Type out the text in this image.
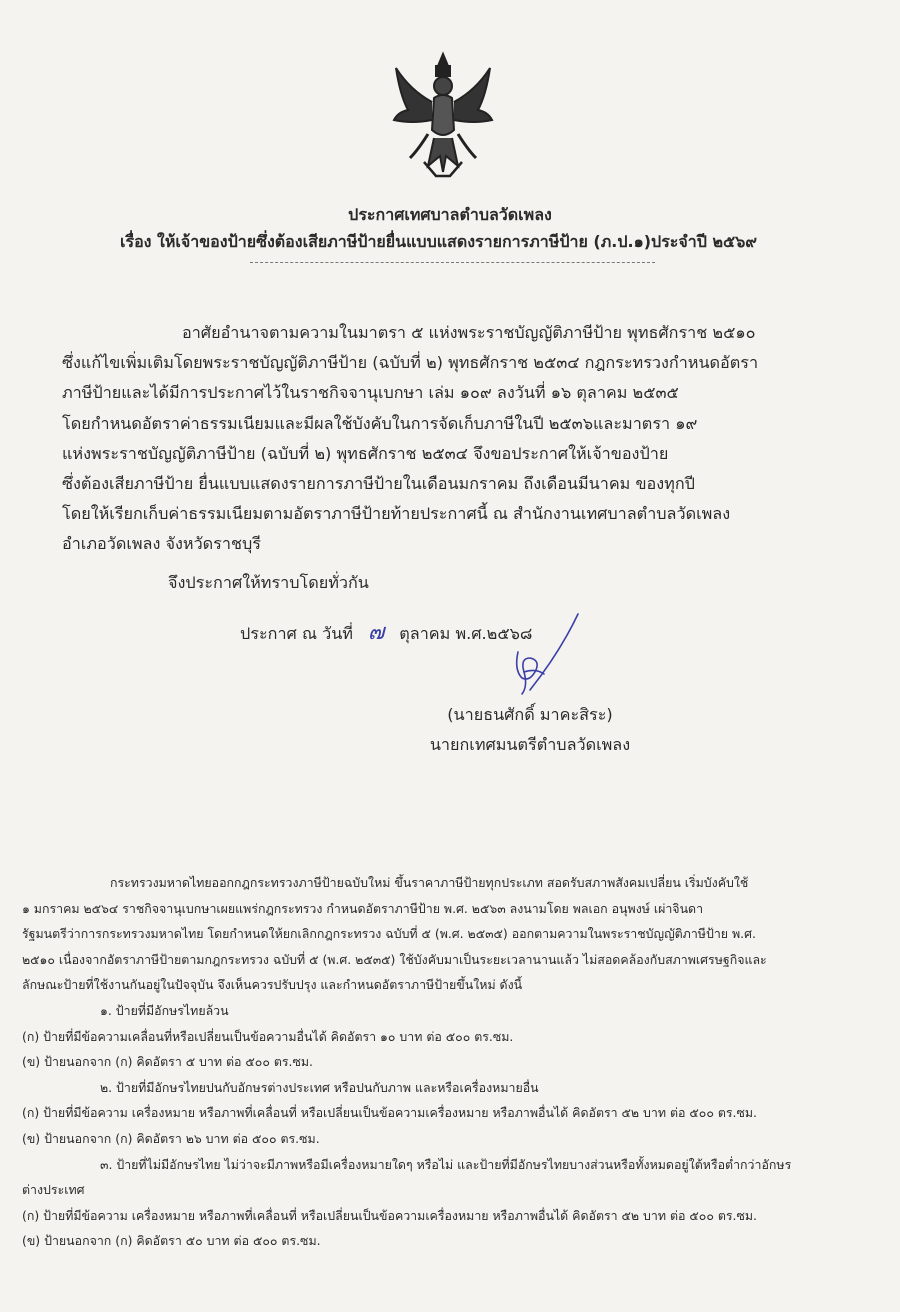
ประกาศเทศบาลตำบลวัดเพลง
เรื่อง ให้เจ้าของป้ายซึ่งต้องเสียภาษีป้ายยื่นแบบแสดงรายการภาษีป้าย (ภ.ป.๑)ประจำปี ๒๕๖๙
อาศัยอำนาจตามความในมาตรา ๕ แห่งพระราชบัญญัติภาษีป้าย พุทธศักราช ๒๕๑๐
ซึ่งแก้ไขเพิ่มเติมโดยพระราชบัญญัติภาษีป้าย (ฉบับที่ ๒) พุทธศักราช ๒๕๓๔ กฎกระทรวงกำหนดอัตรา
ภาษีป้ายและได้มีการประกาศไว้ในราชกิจจานุเบกษา เล่ม ๑๐๙ ลงวันที่ ๑๖ ตุลาคม ๒๕๓๕
โดยกำหนดอัตราค่าธรรมเนียมและมีผลใช้บังคับในการจัดเก็บภาษีในปี ๒๕๓๖และมาตรา ๑๙
แห่งพระราชบัญญัติภาษีป้าย (ฉบับที่ ๒) พุทธศักราช ๒๕๓๔ จึงขอประกาศให้เจ้าของป้าย
ซึ่งต้องเสียภาษีป้าย ยื่นแบบแสดงรายการภาษีป้ายในเดือนมกราคม ถึงเดือนมีนาคม ของทุกปี
โดยให้เรียกเก็บค่าธรรมเนียมตามอัตราภาษีป้ายท้ายประกาศนี้ ณ สำนักงานเทศบาลตำบลวัดเพลง
อำเภอวัดเพลง จังหวัดราชบุรี
จึงประกาศให้ทราบโดยทั่วกัน
ประกาศ ณ วันที่ ๗ ตุลาคม พ.ศ.๒๕๖๘
(นายธนศักดิ์ มาคะสิระ)
นายกเทศมนตรีตำบลวัดเพลง
กระทรวงมหาดไทยออกกฎกระทรวงภาษีป้ายฉบับใหม่ ขึ้นราคาภาษีป้ายทุกประเภท สอดรับสภาพสังคมเปลี่ยน เริ่มบังคับใช้
๑ มกราคม ๒๕๖๔ ราชกิจจานุเบกษาเผยแพร่กฎกระทรวง กำหนดอัตราภาษีป้าย พ.ศ. ๒๕๖๓ ลงนามโดย พลเอก อนุพงษ์ เผ่าจินดา
รัฐมนตรีว่าการกระทรวงมหาดไทย โดยกำหนดให้ยกเลิกกฎกระทรวง ฉบับที่ ๕ (พ.ศ. ๒๕๓๕) ออกตามความในพระราชบัญญัติภาษีป้าย พ.ศ.
๒๕๑๐ เนื่องจากอัตราภาษีป้ายตามกฎกระทรวง ฉบับที่ ๕ (พ.ศ. ๒๕๓๕) ใช้บังคับมาเป็นระยะเวลานานแล้ว ไม่สอดคล้องกับสภาพเศรษฐกิจและ
ลักษณะป้ายที่ใช้งานกันอยู่ในปัจจุบัน จึงเห็นควรปรับปรุง และกำหนดอัตราภาษีป้ายขึ้นใหม่ ดังนี้
๑. ป้ายที่มีอักษรไทยล้วน
(ก) ป้ายที่มีข้อความเคลื่อนที่หรือเปลี่ยนเป็นข้อความอื่นได้ คิดอัตรา ๑๐ บาท ต่อ ๕๐๐ ตร.ซม.
(ข) ป้ายนอกจาก (ก) คิดอัตรา ๕ บาท ต่อ ๕๐๐ ตร.ซม.
๒. ป้ายที่มีอักษรไทยปนกับอักษรต่างประเทศ หรือปนกับภาพ และหรือเครื่องหมายอื่น
(ก) ป้ายที่มีข้อความ เครื่องหมาย หรือภาพที่เคลื่อนที่ หรือเปลี่ยนเป็นข้อความเครื่องหมาย หรือภาพอื่นได้ คิดอัตรา ๕๒ บาท ต่อ ๕๐๐ ตร.ซม.
(ข) ป้ายนอกจาก (ก) คิดอัตรา ๒๖ บาท ต่อ ๕๐๐ ตร.ซม.
๓. ป้ายที่ไม่มีอักษรไทย ไม่ว่าจะมีภาพหรือมีเครื่องหมายใดๆ หรือไม่ และป้ายที่มีอักษรไทยบางส่วนหรือทั้งหมดอยู่ใต้หรือต่ำกว่าอักษร
ต่างประเทศ
(ก) ป้ายที่มีข้อความ เครื่องหมาย หรือภาพที่เคลื่อนที่ หรือเปลี่ยนเป็นข้อความเครื่องหมาย หรือภาพอื่นได้ คิดอัตรา ๕๒ บาท ต่อ ๕๐๐ ตร.ซม.
(ข) ป้ายนอกจาก (ก) คิดอัตรา ๕๐ บาท ต่อ ๕๐๐ ตร.ซม.
